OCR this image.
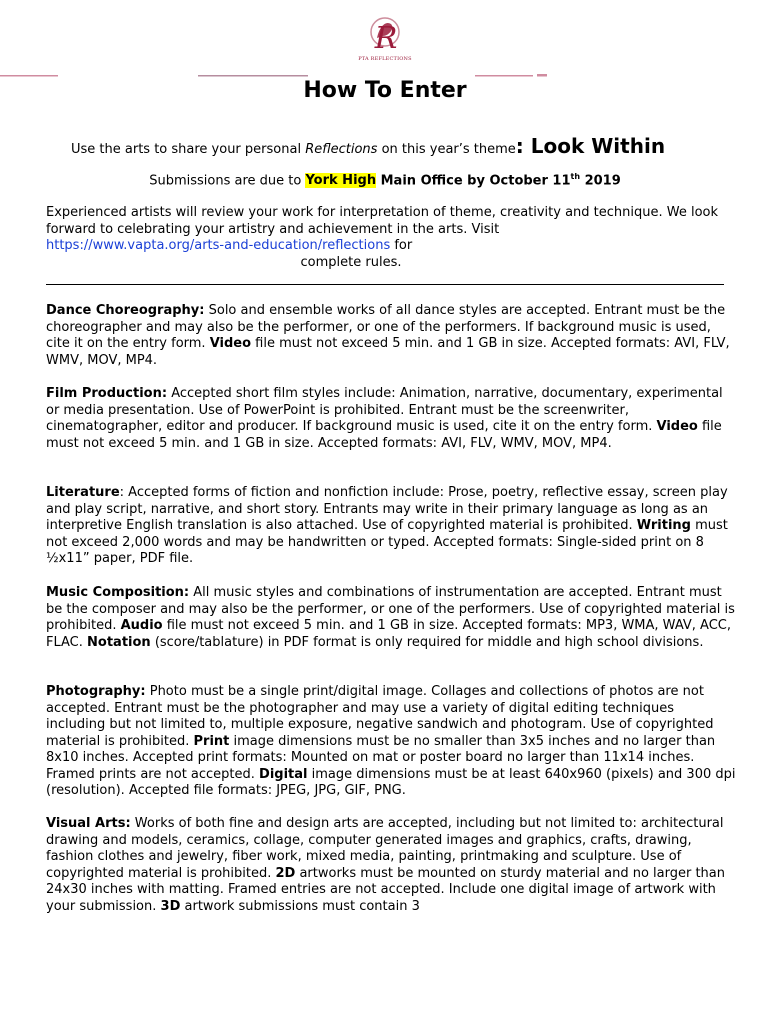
R
PTA REFLECTIONS
How To Enter
Use the arts to share your personal Reflections on this year’s theme: Look Within
Submissions are due to York High Main Office by October 11th 2019
Experienced artists will review your work for interpretation of theme, creativity and technique. We look forward to celebrating your artistry and achievement in the arts. Visit
https://www.vapta.org/arts-and-education/reflections for
complete rules.

Dance Choreography: Solo and ensemble works of all dance styles are accepted. Entrant must be the choreographer and may also be the performer, or one of the performers. If background music is used, cite it on the entry form. Video file must not exceed 5 min. and 1 GB in size. Accepted formats: AVI, FLV, WMV, MOV, MP4.

Film Production: Accepted short film styles include: Animation, narrative, documentary, experimental or media presentation. Use of PowerPoint is prohibited. Entrant must be the screenwriter, cinematographer, editor and producer. If background music is used, cite it on the entry form. Video file must not exceed 5 min. and 1 GB in size. Accepted formats: AVI, FLV, WMV, MOV, MP4.

Literature: Accepted forms of fiction and nonfiction include: Prose, poetry, reflective essay, screen play and play script, narrative, and short story. Entrants may write in their primary language as long as an interpretive English translation is also attached. Use of copyrighted material is prohibited. Writing must not exceed 2,000 words and may be handwritten or typed. Accepted formats: Single-sided print on 8 ½x11” paper, PDF file.

Music Composition: All music styles and combinations of instrumentation are accepted. Entrant must be the composer and may also be the performer, or one of the performers. Use of copyrighted material is prohibited. Audio file must not exceed 5 min. and 1 GB in size. Accepted formats: MP3, WMA, WAV, ACC, FLAC. Notation (score/tablature) in PDF format is only required for middle and high school divisions.

Photography: Photo must be a single print/digital image. Collages and collections of photos are not accepted. Entrant must be the photographer and may use a variety of digital editing techniques including but not limited to, multiple exposure, negative sandwich and photogram. Use of copyrighted material is prohibited. Print image dimensions must be no smaller than 3x5 inches and no larger than 8x10 inches. Accepted print formats: Mounted on mat or poster board no larger than 11x14 inches. Framed prints are not accepted. Digital image dimensions must be at least 640x960 (pixels) and 300 dpi (resolution). Accepted file formats: JPEG, JPG, GIF, PNG.

Visual Arts: Works of both fine and design arts are accepted, including but not limited to: architectural drawing and models, ceramics, collage, computer generated images and graphics, crafts, drawing, fashion clothes and jewelry, fiber work, mixed media, painting, printmaking and sculpture. Use of copyrighted material is prohibited. 2D artworks must be mounted on sturdy material and no larger than 24x30 inches with matting. Framed entries are not accepted. Include one digital image of artwork with your submission. 3D artwork submissions must contain 3
